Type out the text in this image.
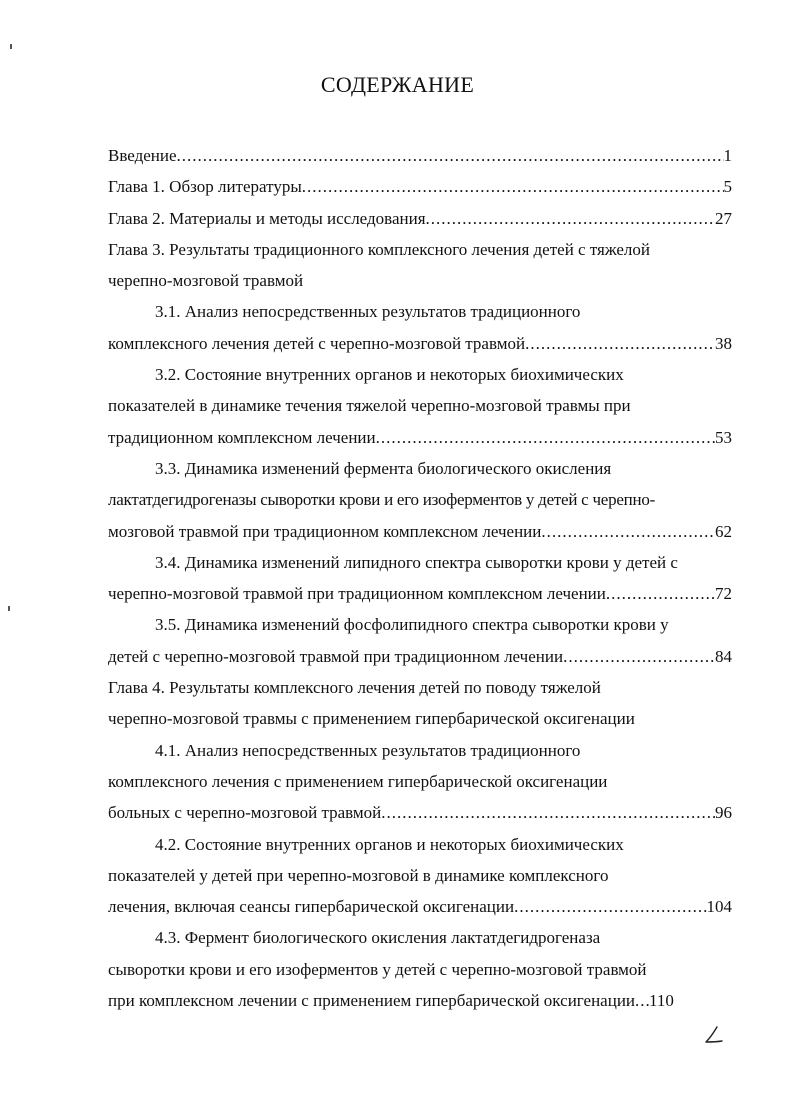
СОДЕРЖАНИЕ
Введение .....	1
Глава 1. Обзор литературы .....	5
Глава 2. Материалы и методы исследования .....	27
Глава 3. Результаты традиционного комплексного лечения детей с тяжелой
черепно-мозговой травмой
3.1. Анализ непосредственных результатов традиционного
комплексного лечения детей с черепно-мозговой травмой .....	38
3.2. Состояние внутренних органов и некоторых биохимических
показателей в динамике течения тяжелой черепно-мозговой травмы при
традиционном комплексном лечении .....	53
3.3. Динамика изменений фермента биологического окисления
лактатдегидрогеназы сыворотки крови и его изоферментов у детей с черепно-
мозговой травмой при традиционном комплексном лечении .....	62
3.4. Динамика изменений липидного спектра сыворотки крови у детей с
черепно-мозговой травмой при традиционном комплексном лечении .....	72
3.5. Динамика изменений фосфолипидного спектра сыворотки крови у
детей с черепно-мозговой травмой при традиционном лечении .....	84
Глава 4. Результаты комплексного лечения детей по поводу тяжелой
черепно-мозговой травмы с применением гипербарической оксигенации
4.1. Анализ непосредственных результатов традиционного
комплексного лечения с применением гипербарической оксигенации
больных с черепно-мозговой травмой .....	96
4.2. Состояние внутренних органов и некоторых биохимических
показателей у детей при черепно-мозговой в динамике комплексного
лечения, включая сеансы гипербарической оксигенации .....	104
4.3. Фермент биологического окисления лактатдегидрогеназа
сыворотки крови и его изоферментов у детей с черепно-мозговой травмой
при комплексном лечении с применением гипербарической оксигенации ..... 110
